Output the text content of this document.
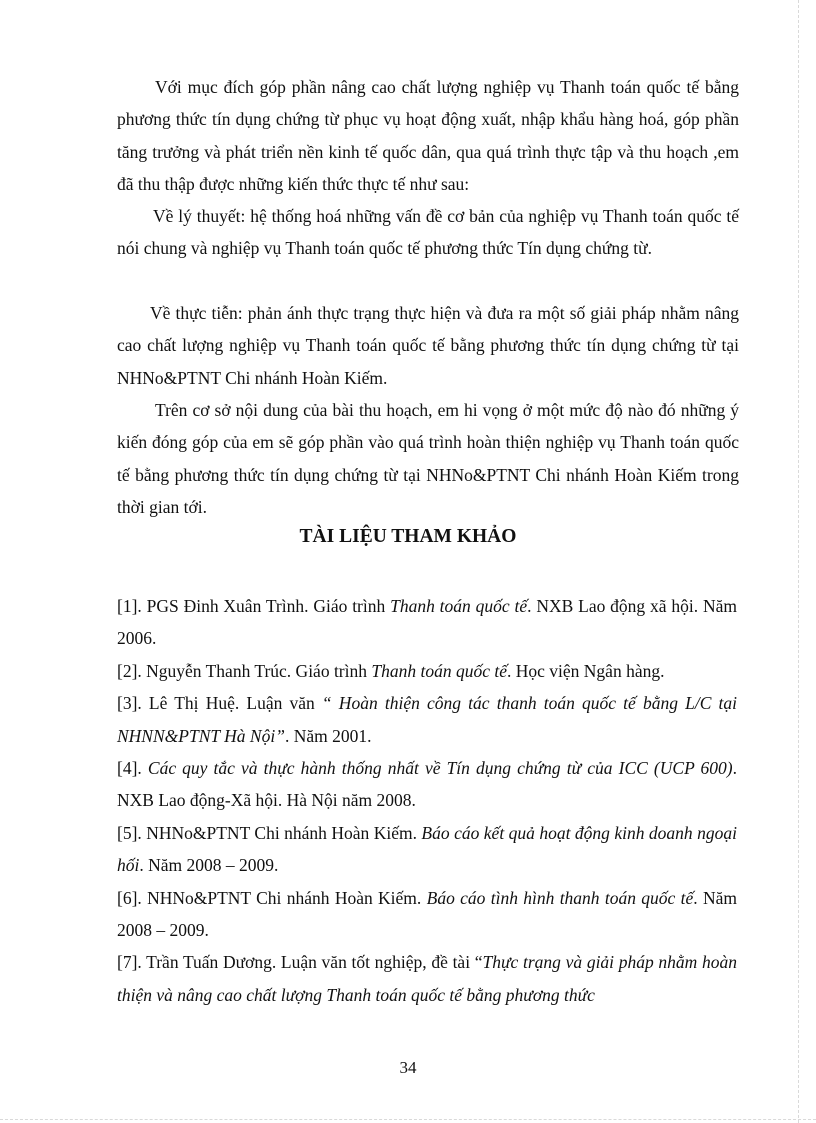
Với mục đích góp phần nâng cao chất lượng nghiệp vụ Thanh toán quốc tế bằng phương thức tín dụng chứng từ phục vụ hoạt động xuất, nhập khẩu hàng hoá, góp phần tăng trưởng và phát triển nền kinh tế quốc dân, qua quá trình thực tập và thu hoạch ,em đã thu thập được những kiến thức thực tế như sau:

Về lý thuyết: hệ thống hoá những vấn đề cơ bản của nghiệp vụ Thanh toán quốc tế nói chung và nghiệp vụ Thanh toán quốc tế phương thức Tín dụng chứng từ.

Về thực tiễn: phản ánh thực trạng thực hiện và đưa ra một số giải pháp nhằm nâng cao chất lượng nghiệp vụ Thanh toán quốc tế bằng phương thức tín dụng chứng từ tại NHNo&PTNT Chi nhánh Hoàn Kiếm.

Trên cơ sở nội dung của bài thu hoạch, em hi vọng ở một mức độ nào đó những ý kiến đóng góp của em sẽ góp phần vào quá trình hoàn thiện nghiệp vụ Thanh toán quốc tế bằng phương thức tín dụng chứng từ tại NHNo&PTNT Chi nhánh Hoàn Kiếm trong thời gian tới.

TÀI LIỆU THAM KHẢO
[1]. PGS Đinh Xuân Trình. Giáo trình Thanh toán quốc tế. NXB Lao động xã hội. Năm 2006.
[2]. Nguyễn Thanh Trúc. Giáo trình Thanh toán quốc tế. Học viện Ngân hàng.
[3]. Lê Thị Huệ. Luận văn “ Hoàn thiện công tác thanh toán quốc tế bằng L/C tại NHNN&PTNT Hà Nội”. Năm 2001.
[4]. Các quy tắc và thực hành thống nhất về Tín dụng chứng từ của ICC (UCP 600). NXB Lao động-Xã hội. Hà Nội năm 2008.
[5]. NHNo&PTNT Chi nhánh Hoàn Kiếm. Báo cáo kết quả hoạt động kinh doanh ngoại hối. Năm 2008 – 2009.
[6]. NHNo&PTNT Chi nhánh Hoàn Kiếm. Báo cáo tình hình thanh toán quốc tế. Năm 2008 – 2009.
[7]. Trần Tuấn Dương. Luận văn tốt nghiệp, đề tài “Thực trạng và giải pháp nhằm hoàn thiện và nâng cao chất lượng Thanh toán quốc tế bằng phương thức
34
